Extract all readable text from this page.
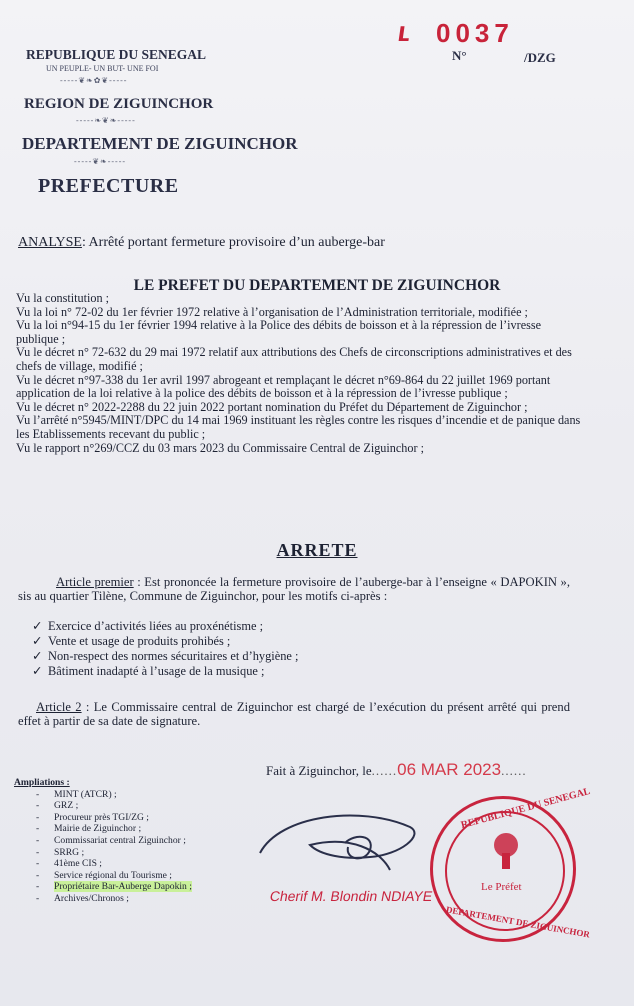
REPUBLIQUE DU SENEGAL
UN PEUPLE- UN BUT- UNE FOI
-----❦❧✿❦-----
REGION DE ZIGUINCHOR
-----❧❦❧-----
DEPARTEMENT DE ZIGUINCHOR
-----❦❧-----
PREFECTURE
ʟ 0037
N°	/DZG
ANALYSE: Arrêté portant fermeture provisoire d’un auberge-bar
LE PREFET DU DEPARTEMENT DE ZIGUINCHOR

Vu la constitution ;

Vu la loi n° 72-02 du 1er février 1972 relative à l’organisation de l’Administration territoriale, modifiée ;

Vu la loi n°94-15 du 1er février 1994 relative à la Police des débits de boisson et à la répression de l’ivresse publique ;

Vu le décret n° 72-632 du 29 mai 1972 relatif aux attributions des Chefs de circonscriptions administratives et des chefs de village, modifié ;

Vu le décret n°97-338 du 1er avril 1997 abrogeant et remplaçant le décret n°69-864 du 22 juillet 1969 portant application de la loi relative à la police des débits de boisson et à la répression de l’ivresse publique ;

Vu le décret n° 2022-2288 du 22 juin 2022 portant nomination du Préfet du Département de Ziguinchor ;

Vu l’arrêté n°5945/MINT/DPC du 14 mai 1969 instituant les règles contre les risques d’incendie et de panique dans les Etablissements recevant du public ;

Vu le rapport n°269/CCZ du 03 mars 2023 du Commissaire Central de Ziguinchor ;

ARRETE
Article premier : Est prononcée la fermeture provisoire de l’auberge-bar à l’enseigne « DAPOKIN », sis au quartier Tilène, Commune de Ziguinchor, pour les motifs ci-après :
✓ Exercice d’activités liées au proxénétisme ;
✓ Vente et usage de produits prohibés ;
✓ Non-respect des normes sécuritaires et d’hygiène ;
✓ Bâtiment inadapté à l’usage de la musique ;
Article 2 : Le Commissaire central de Ziguinchor est chargé de l’exécution du présent arrêté qui prend effet à partir de sa date de signature.
Fait à Ziguinchor, le......06 MAR 2023......
Ampliations :
- MINT (ATCR) ;
- GRZ ;
- Procureur près TGI/ZG ;
- Mairie de Ziguinchor ;
- Commissariat central Ziguinchor ;
- SRRG ;
- 41ème CIS ;
- Service régional du Tourisme ;
- Propriétaire Bar-Auberge Dapokin ;
- Archives/Chronos ;	Cherif M. Blondin NDIAYE
REPUBLIQUE DU SENEGAL
Le Préfet
DEPARTEMENT DE ZIGUINCHOR
